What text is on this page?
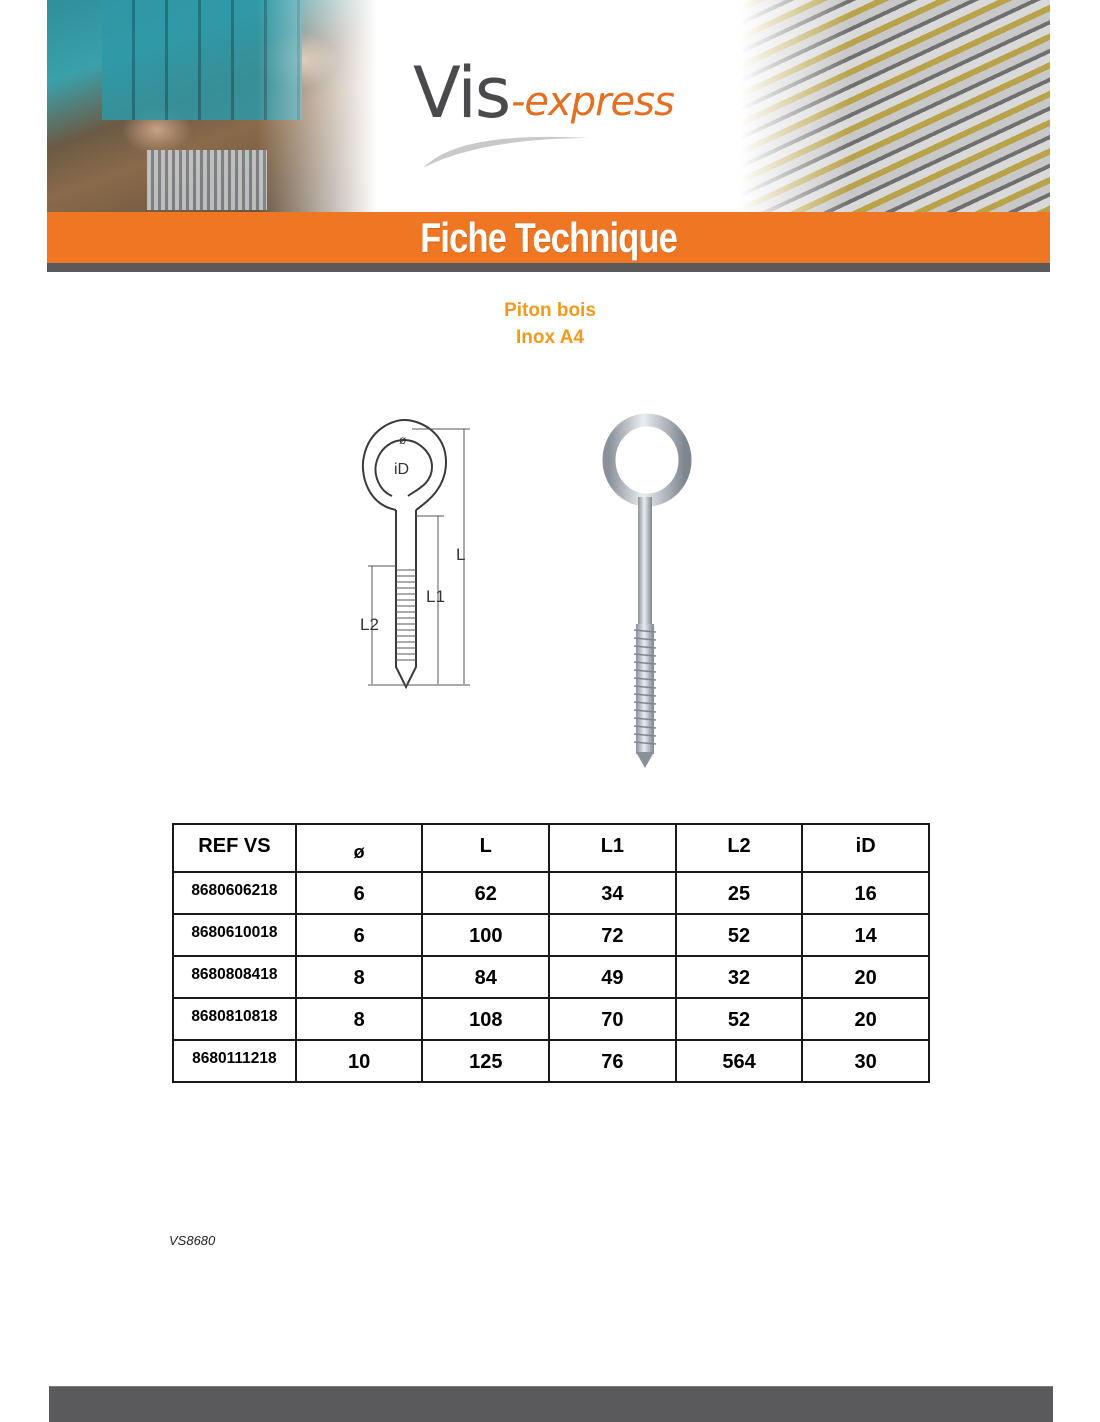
Vis -express
Fiche Technique
Piton bois
Inox A4
L
L1
L2
iD
ø
REF VS	ø	L	L1	L2	iD
8680606218	6	62	34	25	16
8680610018	6	100	72	52	14
8680808418	8	84	49	32	20
8680810818	8	108	70	52	20
8680111218	10	125	76	564	30
VS8680
